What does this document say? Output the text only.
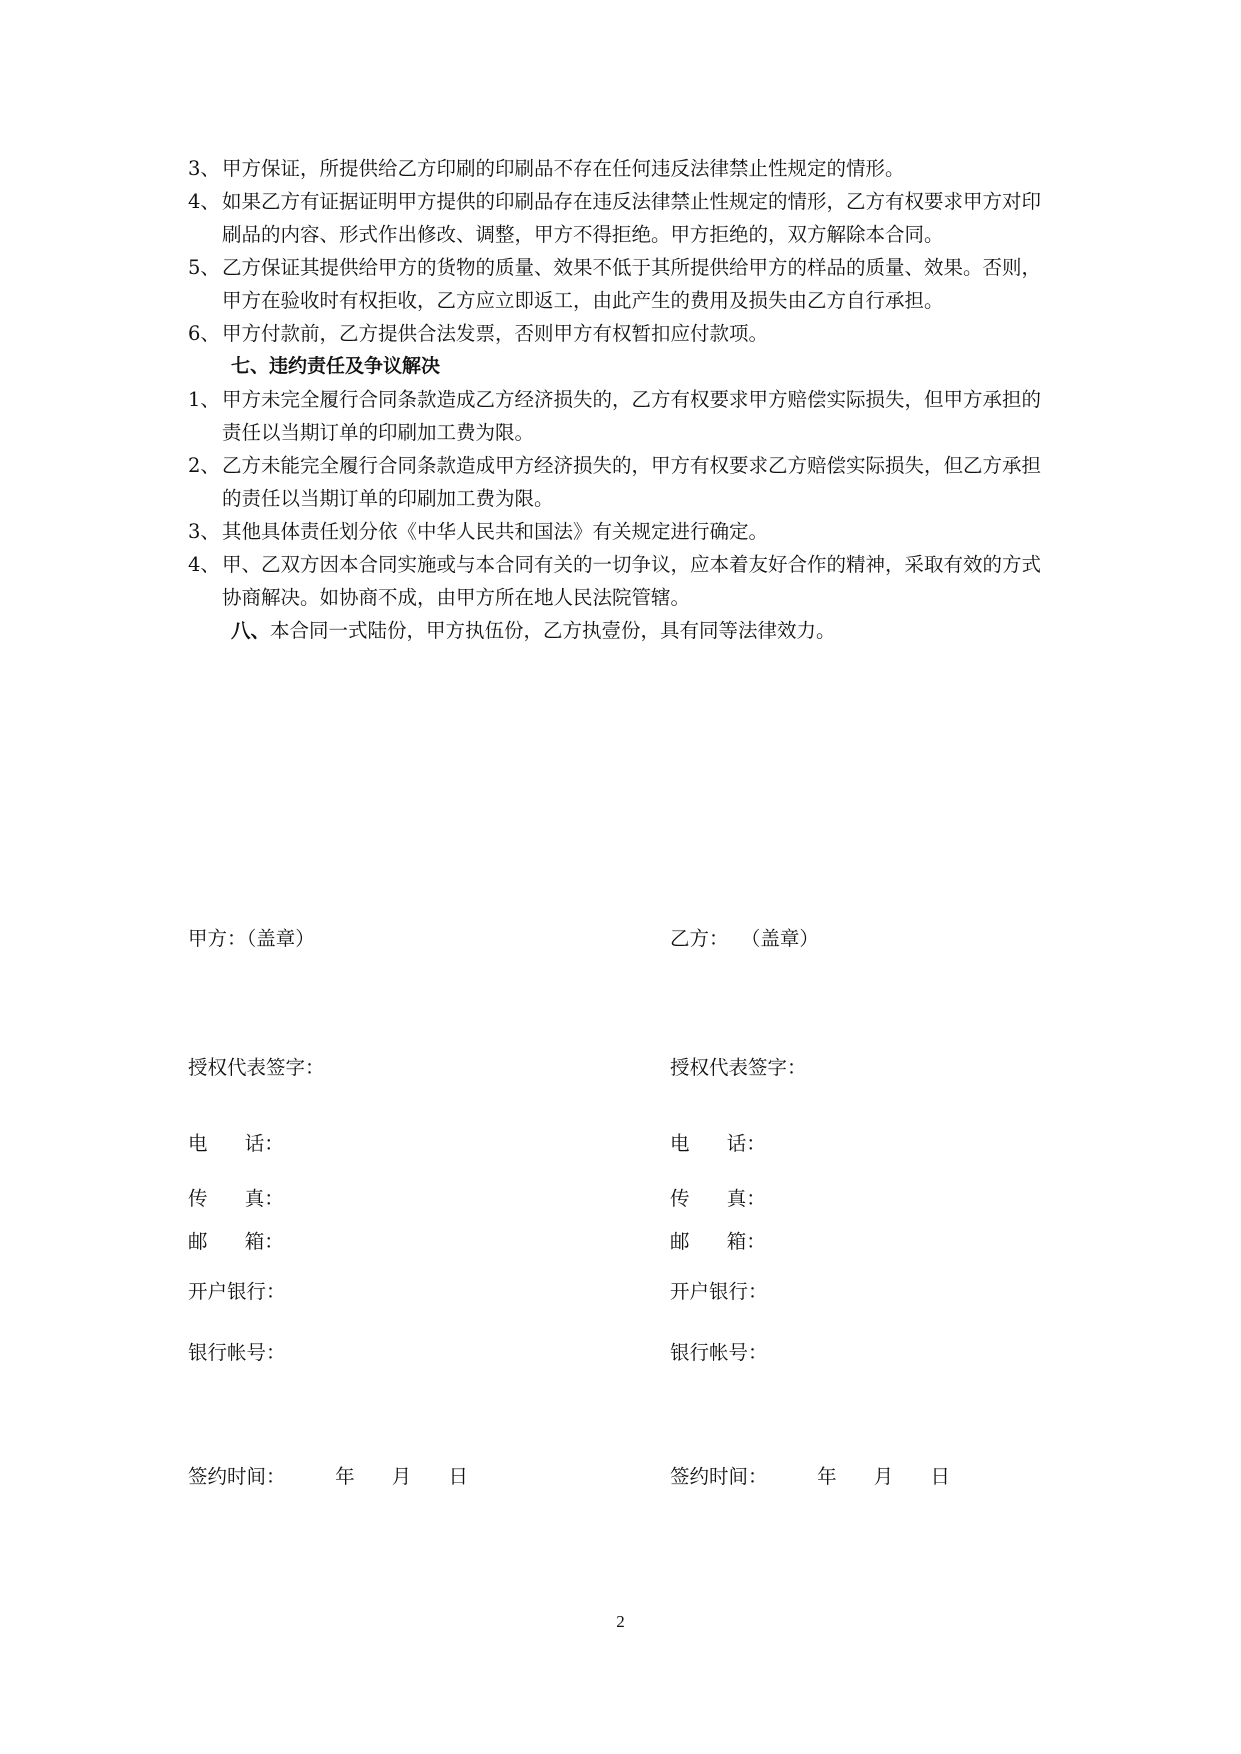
3、 甲方保证，所提供给乙方印刷的印刷品不存在任何违反法律禁止性规定的情形。
4、 如果乙方有证据证明甲方提供的印刷品存在违反法律禁止性规定的情形，乙方有权要求甲方对印刷品的内容、形式作出修改、调整，甲方不得拒绝。甲方拒绝的，双方解除本合同。
5、 乙方保证其提供给甲方的货物的质量、效果不低于其所提供给甲方的样品的质量、效果。否则，甲方在验收时有权拒收，乙方应立即返工，由此产生的费用及损失由乙方自行承担。
6、 甲方付款前，乙方提供合法发票，否则甲方有权暂扣应付款项。
七、违约责任及争议解决
1、 甲方未完全履行合同条款造成乙方经济损失的，乙方有权要求甲方赔偿实际损失，但甲方承担的责任以当期订单的印刷加工费为限。
2、 乙方未能完全履行合同条款造成甲方经济损失的，甲方有权要求乙方赔偿实际损失，但乙方承担的责任以当期订单的印刷加工费为限。
3、 其他具体责任划分依《中华人民共和国法》有关规定进行确定。
4、 甲、乙双方因本合同实施或与本合同有关的一切争议，应本着友好合作的精神，采取有效的方式协商解决。如协商不成，由甲方所在地人民法院管辖。
八、本合同一式陆份，甲方执伍份，乙方执壹份，具有同等法律效力。
甲方：（盖章）
授权代表签字：
电      话：
传      真：
邮      箱：
开户银行：
银行帐号：
签约时间：        年      月      日
乙方：  （盖章）
授权代表签字：
电      话：
传      真：
邮      箱：
开户银行：
银行帐号：
签约时间：        年      月      日
2
